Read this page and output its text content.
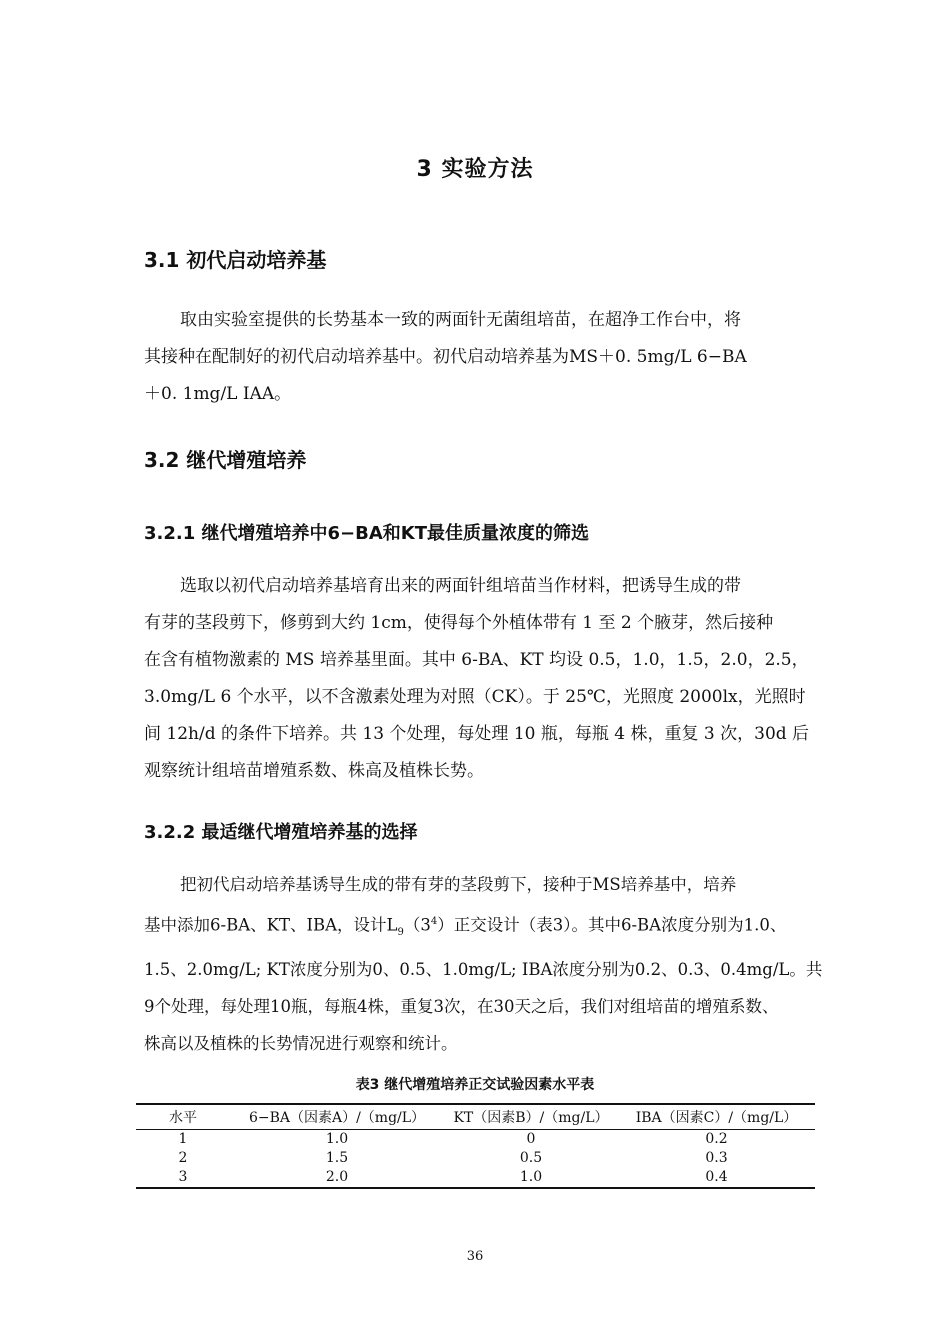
3 实验方法
3.1 初代启动培养基
取由实验室提供的长势基本一致的两面针无菌组培苗，在超净工作台中，将
其接种在配制好的初代启动培养基中。初代启动培养基为MS＋0. 5mg/L 6−BA
＋0. 1mg/L IAA。
3.2 继代增殖培养
3.2.1 继代增殖培养中6−BA和KT最佳质量浓度的筛选
选取以初代启动培养基培育出来的两面针组培苗当作材料，把诱导生成的带
有芽的茎段剪下，修剪到大约 1cm，使得每个外植体带有 1 至 2 个腋芽，然后接种
在含有植物激素的 MS 培养基里面。其中 6-BA、KT 均设 0.5，1.0，1.5，2.0，2.5，
3.0mg/L 6 个水平，以不含激素处理为对照（CK）。于 25℃，光照度 2000lx，光照时
间 12h/d 的条件下培养。共 13 个处理，每处理 10 瓶，每瓶 4 株，重复 3 次，30d 后
观察统计组培苗增殖系数、株高及植株长势。
3.2.2 最适继代增殖培养基的选择
把初代启动培养基诱导生成的带有芽的茎段剪下，接种于MS培养基中，培养
基中添加6-BA、KT、IBA，设计$L_9(3^4)$正交设计（表3）。其中6-BA浓度分别为1.0、
1.5、2.0mg/L; KT浓度分别为0、0.5、1.0mg/L; IBA浓度分别为0.2、0.3、0.4mg/L。共
9个处理，每处理10瓶，每瓶4株，重复3次，在30天之后，我们对组培苗的增殖系数、
株高以及植株的长势情况进行观察和统计。
表3 继代增殖培养正交试验因素水平表
水平	6−BA（因素A）/（mg/L）	KT（因素B）/（mg/L）	IBA（因素C）/（mg/L）
1	1.0	0	0.2
2	1.5	0.5	0.3
3	2.0	1.0	0.4
36
